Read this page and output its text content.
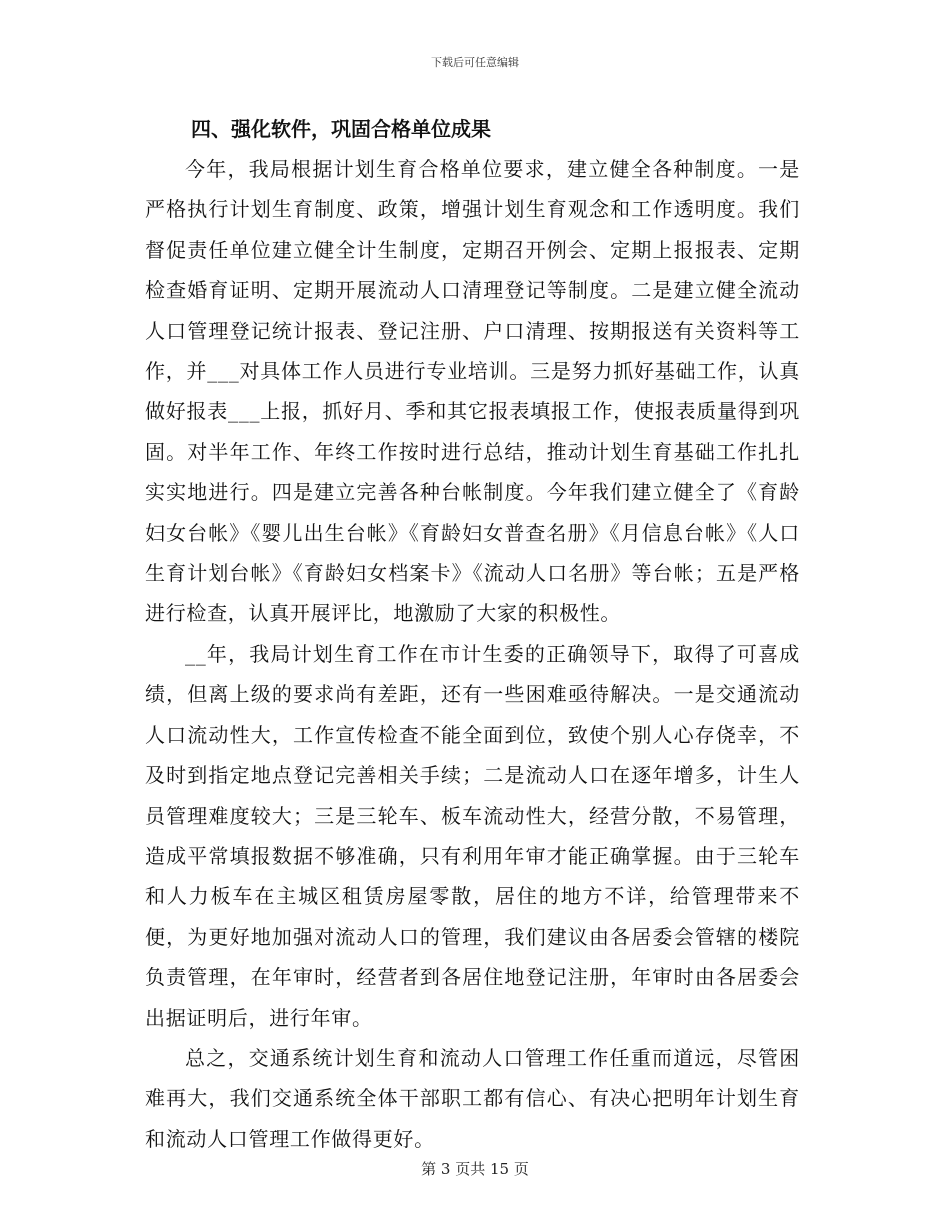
下载后可任意编辑
四、强化软件，巩固合格单位成果

今年，我局根据计划生育合格单位要求，建立健全各种制度。一是严格执行计划生育制度、政策，增强计划生育观念和工作透明度。我们督促责任单位建立健全计生制度，定期召开例会、定期上报报表、定期检查婚育证明、定期开展流动人口清理登记等制度。二是建立健全流动人口管理登记统计报表、登记注册、户口清理、按期报送有关资料等工作，并___对具体工作人员进行专业培训。三是努力抓好基础工作，认真做好报表___上报，抓好月、季和其它报表填报工作，使报表质量得到巩固。对半年工作、年终工作按时进行总结，推动计划生育基础工作扎扎实实地进行。四是建立完善各种台帐制度。今年我们建立健全了《育龄妇女台帐》《婴儿出生台帐》《育龄妇女普查名册》《月信息台帐》《人口生育计划台帐》《育龄妇女档案卡》《流动人口名册》等台帐；五是严格进行检查，认真开展评比，地激励了大家的积极性。

__年，我局计划生育工作在市计生委的正确领导下，取得了可喜成绩，但离上级的要求尚有差距，还有一些困难亟待解决。一是交通流动人口流动性大，工作宣传检查不能全面到位，致使个别人心存侥幸，不及时到指定地点登记完善相关手续；二是流动人口在逐年增多，计生人员管理难度较大；三是三轮车、板车流动性大，经营分散，不易管理，造成平常填报数据不够准确，只有利用年审才能正确掌握。由于三轮车和人力板车在主城区租赁房屋零散，居住的地方不详，给管理带来不便，为更好地加强对流动人口的管理，我们建议由各居委会管辖的楼院负责管理，在年审时，经营者到各居住地登记注册，年审时由各居委会出据证明后，进行年审。

总之，交通系统计划生育和流动人口管理工作任重而道远，尽管困难再大，我们交通系统全体干部职工都有信心、有决心把明年计划生育和流动人口管理工作做得更好。

第 3 页共 15 页
